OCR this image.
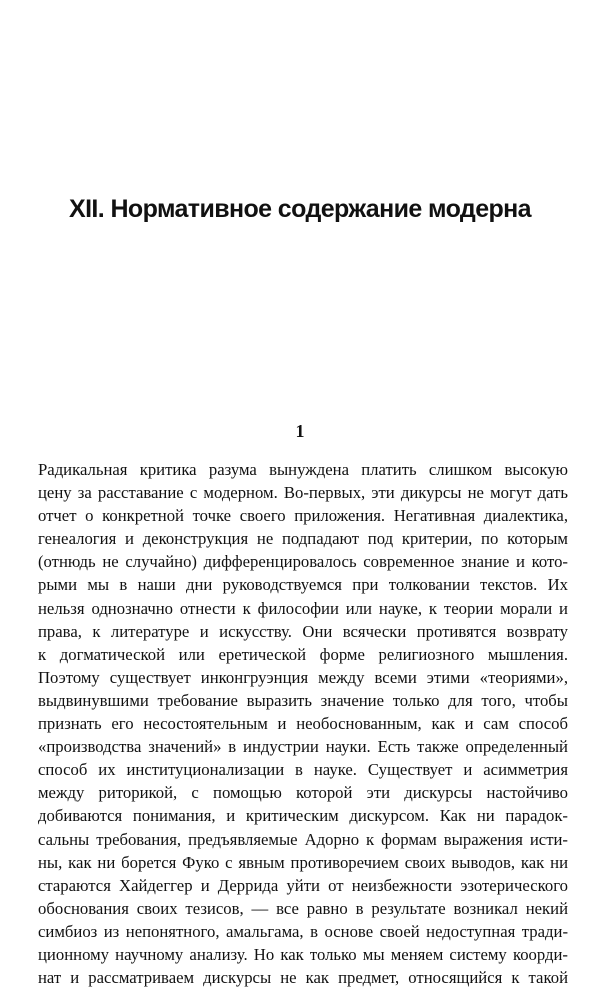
XII. Нормативное содержание модерна
1
Радикальная критика разума вынуждена платить слишком высокую
цену за расставание с модерном. Во-первых, эти дикурсы не могут дать
отчет о конкретной точке своего приложения. Негативная диалектика,
генеалогия и деконструкция не подпадают под критерии, по которым
(отнюдь не случайно) дифференцировалось современное знание и кото-
рыми мы в наши дни руководствуемся при толковании текстов. Их
нельзя однозначно отнести к философии или науке, к теории морали и
права, к литературе и искусству. Они всячески противятся возврату
к догматической или еретической форме религиозного мышления.
Поэтому существует инконгруэнция между всеми этими «теориями»,
выдвинувшими требование выразить значение только для того, чтобы
признать его несостоятельным и необоснованным, как и сам способ
«производства значений» в индустрии науки. Есть также определенный
способ их институционализации в науке. Существует и асимметрия
между риторикой, с помощью которой эти дискурсы настойчиво
добиваются понимания, и критическим дискурсом. Как ни парадок-
сальны требования, предъявляемые Адорно к формам выражения исти-
ны, как ни борется Фуко с явным противоречием своих выводов, как ни
стараются Хайдеггер и Деррида уйти от неизбежности эзотерического
обоснования своих тезисов, — все равно в результате возникал некий
симбиоз из непонятного, амальгама, в основе своей недоступная тради-
ционному научному анализу. Но как только мы меняем систему коорди-
нат и рассматриваем дискурсы не как предмет, относящийся к такой
